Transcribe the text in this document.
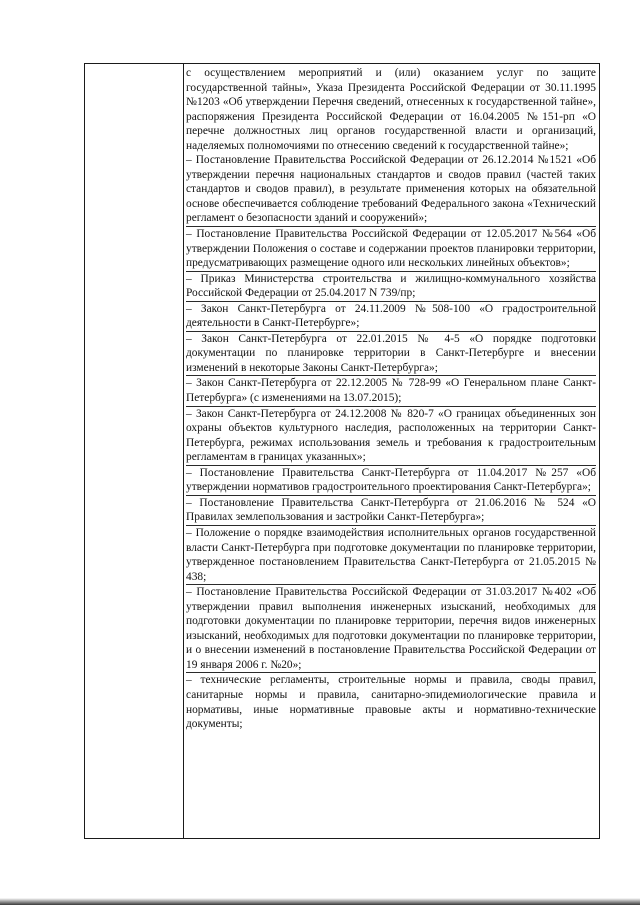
с осуществлением мероприятий и (или) оказанием услуг по защите государственной тайны», Указа Президента Российской Федерации от 30.11.1995 №1203 «Об утверждении Перечня сведений, отнесенных к государственной тайне», распоряжения Президента Российской Федерации от 16.04.2005 №151-рп «О перечне должностных лиц органов государственной власти и организаций, наделяемых полномочиями по отнесению сведений к государственной тайне»;
– Постановление Правительства Российской Федерации от 26.12.2014 №1521 «Об утверждении перечня национальных стандартов и сводов правил (частей таких стандартов и сводов правил), в результате применения которых на обязательной основе обеспечивается соблюдение требований Федерального закона «Технический регламент о безопасности зданий и сооружений»;
– Постановление Правительства Российской Федерации от 12.05.2017 №564 «Об утверждении Положения о составе и содержании проектов планировки территории, предусматривающих размещение одного или нескольких линейных объектов»;
– Приказ Министерства строительства и жилищно-коммунального хозяйства Российской Федерации от 25.04.2017 N 739/пр;
– Закон Санкт-Петербурга от 24.11.2009 №508-100 «О градостроительной деятельности в Санкт-Петербурге»;
– Закон Санкт-Петербурга от 22.01.2015 № 4-5 «О порядке подготовки документации по планировке территории в Санкт-Петербурге и внесении изменений в некоторые Законы Санкт-Петербурга»;
– Закон Санкт-Петербурга от 22.12.2005 № 728-99 «О Генеральном плане Санкт-Петербурга» (с изменениями на 13.07.2015);
– Закон Санкт-Петербурга от 24.12.2008 № 820-7 «О границах объединенных зон охраны объектов культурного наследия, расположенных на территории Санкт-Петербурга, режимах использования земель и требования к градостроительным регламентам в границах указанных»;
– Постановление Правительства Санкт-Петербурга от 11.04.2017 №257 «Об утверждении нормативов градостроительного проектирования Санкт-Петербурга»;
– Постановление Правительства Санкт-Петербурга от 21.06.2016 № 524 «О Правилах землепользования и застройки Санкт-Петербурга»;
– Положение о порядке взаимодействия исполнительных органов государственной власти Санкт-Петербурга при подготовке документации по планировке территории, утвержденное постановлением Правительства Санкт-Петербурга от 21.05.2015 № 438;
– Постановление Правительства Российской Федерации от 31.03.2017 №402 «Об утверждении правил выполнения инженерных изысканий, необходимых для подготовки документации по планировке территории, перечня видов инженерных изысканий, необходимых для подготовки документации по планировке территории, и о внесении изменений в постановление Правительства Российской Федерации от 19 января 2006 г. №20»;
– технические регламенты, строительные нормы и правила, своды правил, санитарные нормы и правила, санитарно-эпидемиологические правила и нормативы, иные нормативные правовые акты и нормативно-технические документы;
